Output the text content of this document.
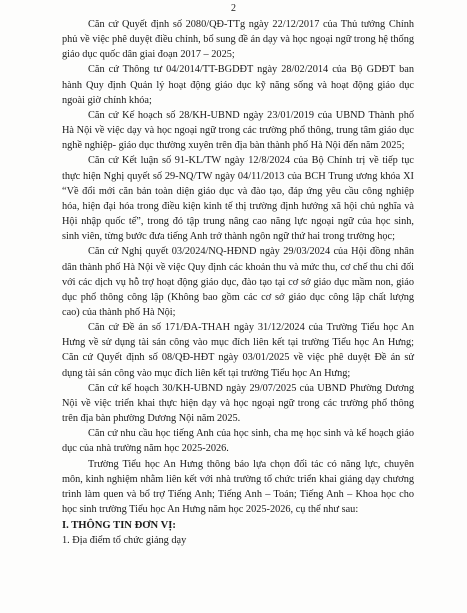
2

Căn cứ Quyết định số 2080/QĐ-TTg ngày 22/12/2017 của Thủ tướng Chính phủ về việc phê duyệt điều chỉnh, bổ sung đề án dạy và học ngoại ngữ trong hệ thống giáo dục quốc dân giai đoạn 2017 – 2025;

Căn cứ Thông tư 04/2014/TT-BGDĐT ngày 28/02/2014 của Bộ GDĐT ban hành Quy định Quản lý hoạt động giáo dục kỹ năng sống và hoạt động giáo dục ngoài giờ chính khóa;

Căn cứ Kế hoạch số 28/KH-UBND ngày 23/01/2019 của UBND Thành phố Hà Nội về việc dạy và học ngoại ngữ trong các trường phổ thông, trung tâm giáo dục nghề nghiệp- giáo dục thường xuyên trên địa bàn thành phố Hà Nội đến năm 2025;

Căn cứ Kết luận số 91-KL/TW ngày 12/8/2024 của Bộ Chính trị về tiếp tục thực hiện Nghị quyết số 29-NQ/TW ngày 04/11/2013 của BCH Trung ương khóa XI “Về đổi mới căn bản toàn diện giáo dục và đào tạo, đáp ứng yêu cầu công nghiệp hóa, hiện đại hóa trong điều kiện kinh tế thị trường định hướng xã hội chủ nghĩa và Hội nhập quốc tế”, trong đó tập trung nâng cao năng lực ngoại ngữ của học sinh, sinh viên, từng bước đưa tiếng Anh trở thành ngôn ngữ thứ hai trong trường học;

Căn cứ Nghị quyết 03/2024/NQ-HĐND ngày 29/03/2024 của Hội đồng nhân dân thành phố Hà Nội về việc Quy định các khoản thu và mức thu, cơ chế thu chi đối với các dịch vụ hỗ trợ hoạt động giáo dục, đào tạo tại cơ sở giáo dục mầm non, giáo dục phổ thông công lập (Không bao gồm các cơ sở giáo dục công lập chất lượng cao) của thành phố Hà Nội;

Căn cứ Đề án số 171/ĐA-THAH ngày 31/12/2024 của Trường Tiểu học An Hưng về sử dụng tài sản công vào mục đích liên kết tại trường Tiểu học An Hưng; Căn cứ Quyết định số 08/QĐ-HĐT ngày 03/01/2025 về việc phê duyệt Đề án sử dụng tài sản công vào mục đích liên kết tại trường Tiểu học An Hưng;

Căn cứ kế hoạch 30/KH-UBND ngày 29/07/2025 của UBND Phường Dương Nội về việc triển khai thực hiện dạy và học ngoại ngữ trong các trường phổ thông trên địa bàn phường Dương Nội năm 2025.

Căn cứ nhu cầu học tiếng Anh của học sinh, cha mẹ học sinh và kế hoạch giáo dục của nhà trường năm học 2025-2026.

Trường Tiểu học An Hưng thông báo lựa chọn đối tác có năng lực, chuyên môn, kinh nghiệm nhằm liên kết với nhà trường tổ chức triển khai giảng dạy chương trình làm quen và bổ trợ Tiếng Anh; Tiếng Anh – Toán; Tiếng Anh – Khoa học cho học sinh trường Tiểu học An Hưng năm học 2025-2026, cụ thể như sau:

I. THÔNG TIN ĐƠN VỊ:

1. Địa điểm tổ chức giảng dạy
